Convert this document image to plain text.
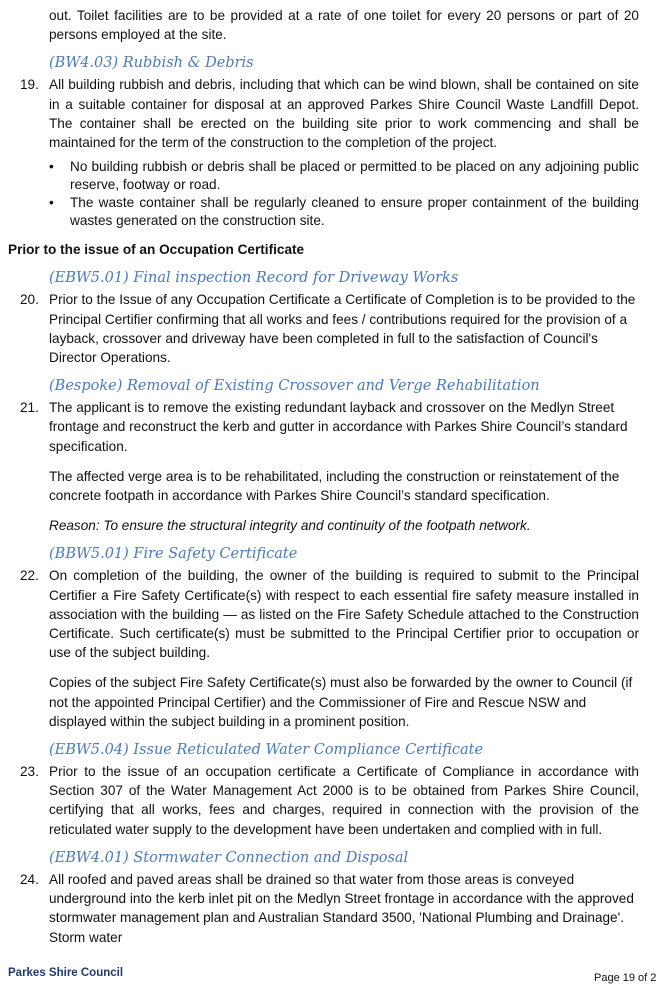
out. Toilet facilities are to be provided at a rate of one toilet for every 20 persons or part of 20 persons employed at the site.

(BW4.03) Rubbish & Debris
19. All building rubbish and debris, including that which can be wind blown, shall be contained on site in a suitable container for disposal at an approved Parkes Shire Council Waste Landfill Depot. The container shall be erected on the building site prior to work commencing and shall be maintained for the term of the construction to the completion of the project.

• No building rubbish or debris shall be placed or permitted to be placed on any adjoining public reserve, footway or road.
• The waste container shall be regularly cleaned to ensure proper containment of the building wastes generated on the construction site.
Prior to the issue of an Occupation Certificate
(EBW5.01) Final inspection Record for Driveway Works
20. Prior to the Issue of any Occupation Certificate a Certificate of Completion is to be provided to the Principal Certifier confirming that all works and fees / contributions required for the provision of a layback, crossover and driveway have been completed in full to the satisfaction of Council's Director Operations.

(Bespoke) Removal of Existing Crossover and Verge Rehabilitation
21. The applicant is to remove the existing redundant layback and crossover on the Medlyn Street frontage and reconstruct the kerb and gutter in accordance with Parkes Shire Council’s standard specification.

The affected verge area is to be rehabilitated, including the construction or reinstatement of the concrete footpath in accordance with Parkes Shire Council’s standard specification.

Reason: To ensure the structural integrity and continuity of the footpath network.

(BBW5.01) Fire Safety Certificate
22. On completion of the building, the owner of the building is required to submit to the Principal Certifier a Fire Safety Certificate(s) with respect to each essential fire safety measure installed in association with the building — as listed on the Fire Safety Schedule attached to the Construction Certificate. Such certificate(s) must be submitted to the Principal Certifier prior to occupation or use of the subject building.

Copies of the subject Fire Safety Certificate(s) must also be forwarded by the owner to Council (if not the appointed Principal Certifier) and the Commissioner of Fire and Rescue NSW and displayed within the subject building in a prominent position.

(EBW5.04) Issue Reticulated Water Compliance Certificate
23. Prior to the issue of an occupation certificate a Certificate of Compliance in accordance with Section 307 of the Water Management Act 2000 is to be obtained from Parkes Shire Council, certifying that all works, fees and charges, required in connection with the provision of the reticulated water supply to the development have been undertaken and complied with in full.

(EBW4.01) Stormwater Connection and Disposal
24. All roofed and paved areas shall be drained so that water from those areas is conveyed underground into the kerb inlet pit on the Medlyn Street frontage in accordance with the approved stormwater management plan and Australian Standard 3500, 'National Plumbing and Drainage'. Storm water

Parkes Shire Council	Page 19 of 2
